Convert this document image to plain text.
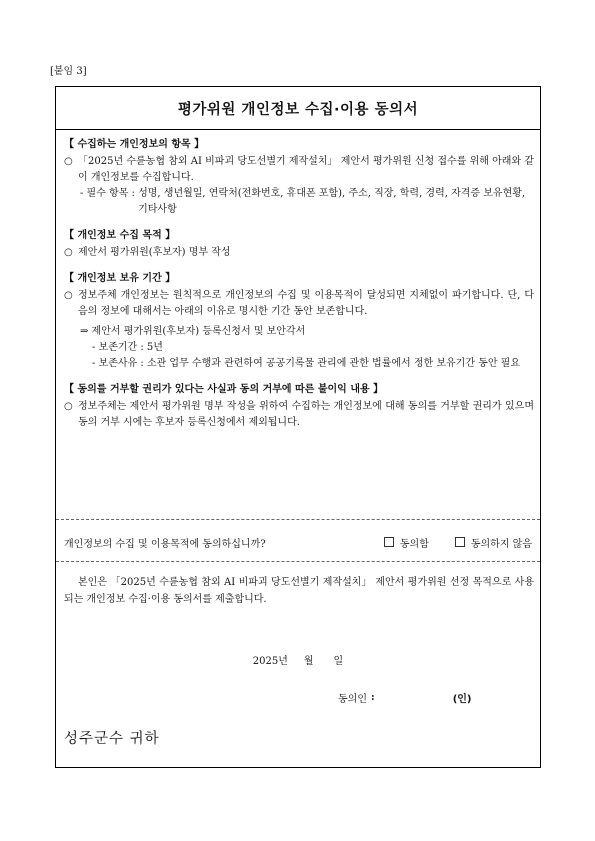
[붙임 3]
평가위원 개인정보 수집·이용 동의서
【 수집하는 개인정보의 항목 】
○ 「2025년 수륜농협 참외 AI 비파괴 당도선별기 제작설치」 제안서 평가위원 신청 접수를 위해 아래와 같이 개인정보를 수집합니다.
- 필수 항목 : 성명, 생년월일, 연락처(전화번호, 휴대폰 포함), 주소, 직장, 학력, 경력, 자격증 보유현황, 기타사항
【 개인정보 수집 목적 】
○ 제안서 평가위원(후보자) 명부 작성
【 개인정보 보유 기간 】
○ 정보주체 개인정보는 원칙적으로 개인정보의 수집 및 이용목적이 달성되면 지체없이 파기합니다. 단, 다음의 정보에 대해서는 아래의 이유로 명시한 기간 동안 보존합니다.
⇒ 제안서 평가위원(후보자) 등록신청서 및 보안각서
- 보존기간 : 5년
- 보존사유 : 소관 업무 수행과 관련하여 공공기록물 관리에 관한 법률에서 정한 보유기간 동안 필요
【 동의를 거부할 권리가 있다는 사실과 동의 거부에 따른 불이익 내용 】
○ 정보주체는 제안서 평가위원 명부 작성을 위하여 수집하는 개인정보에 대해 동의를 거부할 권리가 있으며 동의 거부 시에는 후보자 등록신청에서 제외됩니다.
개인정보의 수집 및 이용목적에 동의하십니까?	동의함	동의하지 않음
본인은 「2025년 수륜농협 참외 AI 비파괴 당도선별기 제작설치」 제안서 평가위원 선정 목적으로 사용되는 개인정보 수집·이용 동의서를 제출합니다.
2025년 월 일
동의인 :	(인)
성주군수 귀하
